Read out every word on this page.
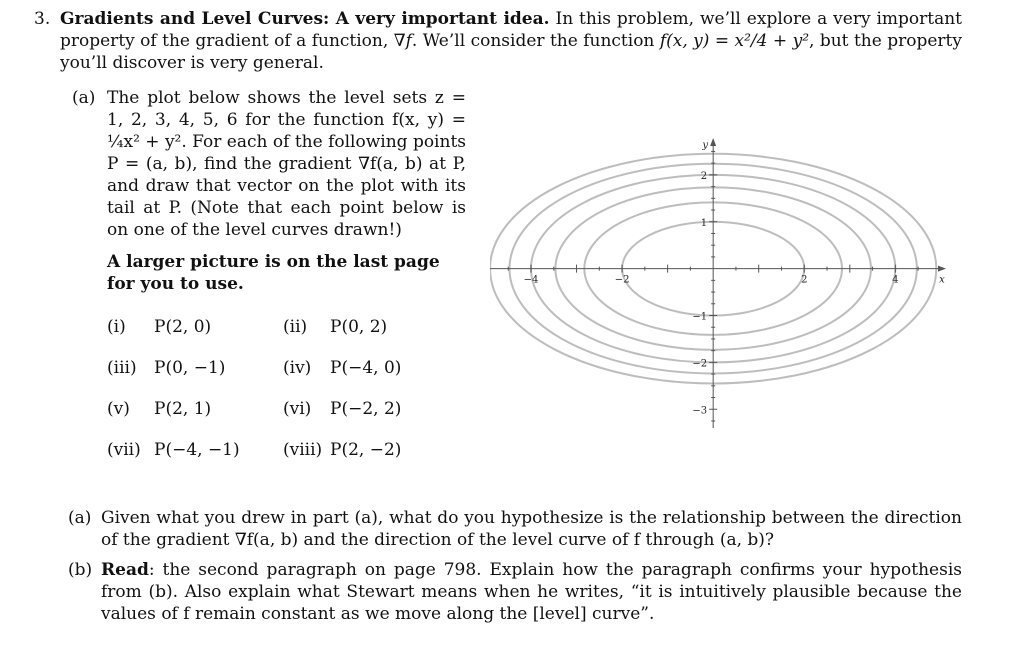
3. Gradients and Level Curves: A very important idea. In this problem, we’ll explore a very important property of the gradient of a function, ∇f. We’ll consider the function f(x, y) = x²/4 + y², but the property you’ll discover is very general.
(a) The plot below shows the level sets z = 1, 2, 3, 4, 5, 6 for the function f(x, y) = ¼x² + y². For each of the following points P = (a, b), find the gradient ∇f(a, b) at P, and draw that vector on the plot with its tail at P. (Note that each point below is on one of the level curves drawn!)
A larger picture is on the last page for you to use.
(i) P(2, 0)	(ii) P(0, 2)
(iii) P(0, −1)	(iv) P(−4, 0)
(v) P(2, 1)	(vi) P(−2, 2)
(vii) P(−4, −1)	(viii) P(2, −2)
(a) Given what you drew in part (a), what do you hypothesize is the relationship between the direction of the gradient ∇f(a, b) and the direction of the level curve of f through (a, b)?
(b) Read: the second paragraph on page 798. Explain how the paragraph confirms your hypothesis from (b). Also explain what Stewart means when he writes, “it is intuitively plausible because the values of f remain constant as we move along the [level] curve”.
−4	−2	2	4
2
1
−1
−2
−3
x
y
